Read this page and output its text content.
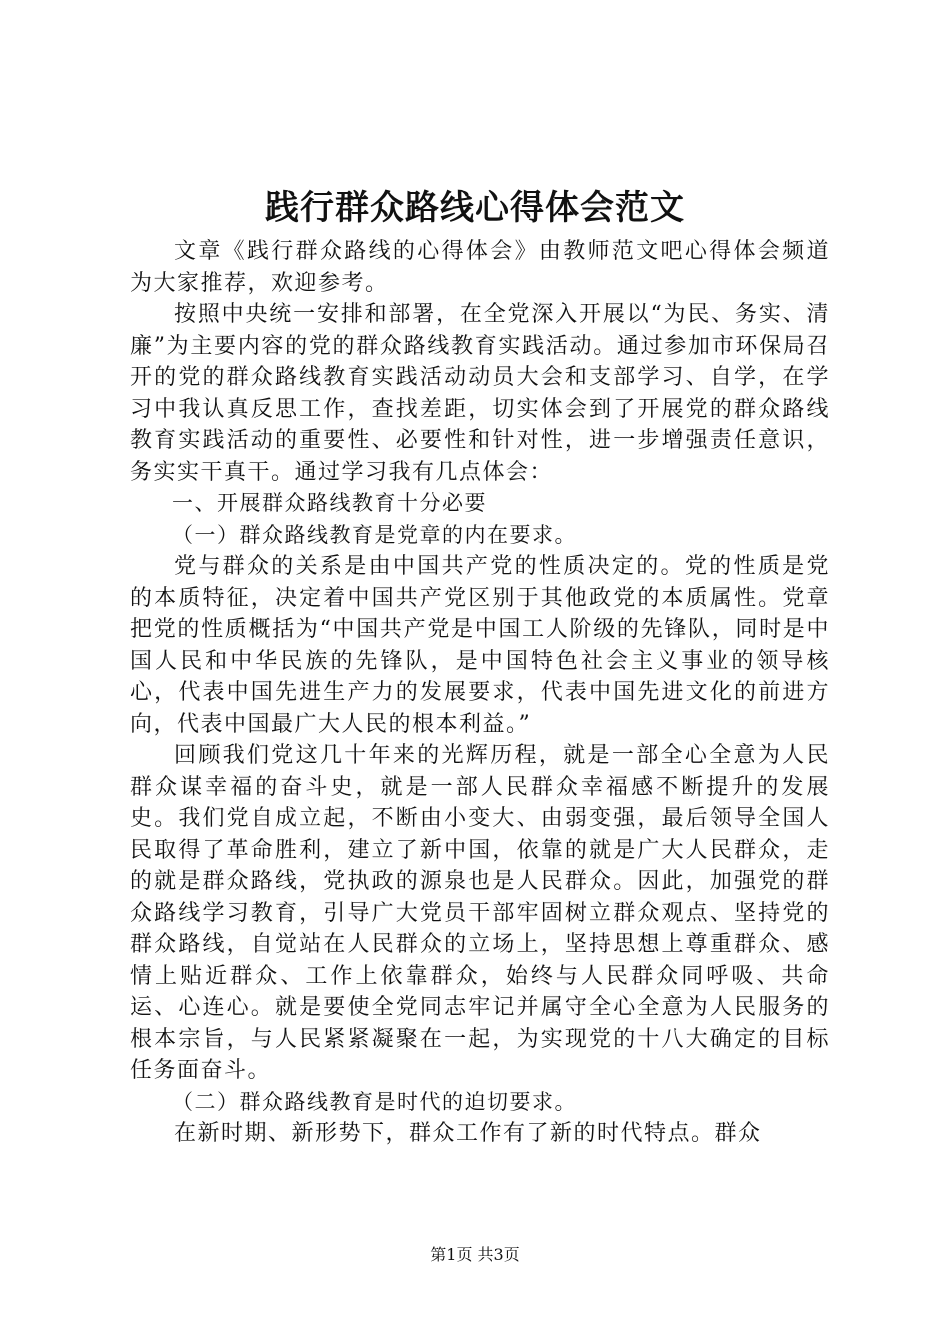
践行群众路线心得体会范文

文章《践行群众路线的心得体会》由教师范文吧心得体会频道为大家推荐，欢迎参考。

按照中央统一安排和部署，在全党深入开展以“为民、务实、清廉”为主要内容的党的群众路线教育实践活动。通过参加市环保局召开的党的群众路线教育实践活动动员大会和支部学习、自学，在学习中我认真反思工作，查找差距，切实体会到了开展党的群众路线教育实践活动的重要性、必要性和针对性，进一步增强责任意识，务实实干真干。通过学习我有几点体会：

一、开展群众路线教育十分必要

（一）群众路线教育是党章的内在要求。

党与群众的关系是由中国共产党的性质决定的。党的性质是党的本质特征，决定着中国共产党区别于其他政党的本质属性。党章把党的性质概括为“中国共产党是中国工人阶级的先锋队，同时是中国人民和中华民族的先锋队，是中国特色社会主义事业的领导核心，代表中国先进生产力的发展要求，代表中国先进文化的前进方向，代表中国最广大人民的根本利益。”

回顾我们党这几十年来的光辉历程，就是一部全心全意为人民群众谋幸福的奋斗史，就是一部人民群众幸福感不断提升的发展史。我们党自成立起，不断由小变大、由弱变强，最后领导全国人民取得了革命胜利，建立了新中国，依靠的就是广大人民群众，走的就是群众路线，党执政的源泉也是人民群众。因此，加强党的群众路线学习教育，引导广大党员干部牢固树立群众观点、坚持党的群众路线，自觉站在人民群众的立场上，坚持思想上尊重群众、感情上贴近群众、工作上依靠群众，始终与人民群众同呼吸、共命运、心连心。就是要使全党同志牢记并属守全心全意为人民服务的根本宗旨，与人民紧紧凝聚在一起，为实现党的十八大确定的目标任务面奋斗。

（二）群众路线教育是时代的迫切要求。

在新时期、新形势下，群众工作有了新的时代特点。群众

第1页 共3页
